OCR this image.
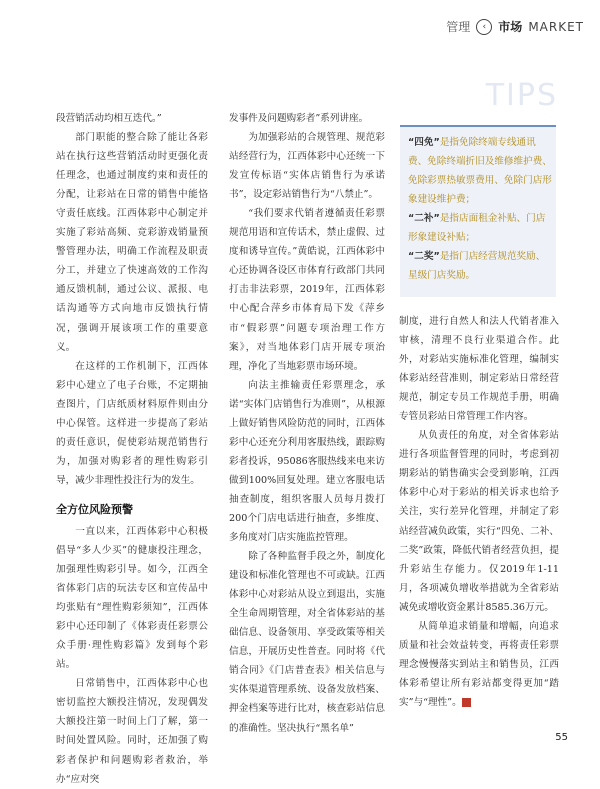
管理	‹	市场 MARKET
TIPS

段营销活动均相互迭代。”

部门职能的整合除了能让各彩站在执行这些营销活动时更强化责任理念，也通过制度约束和责任的分配，让彩站在日常的销售中能恪守责任底线。江西体彩中心制定并实施了彩站高频、竞彩游戏销量预警管理办法，明确工作流程及职责分工，并建立了快速高效的工作沟通反馈机制，通过公议、派报、电话沟通等方式向地市反馈执行情况，强调开展该项工作的重要意义。

在这样的工作机制下，江西体彩中心建立了电子台账，不定期抽查图片，门店纸质材料原件则由分中心保管。这样进一步提高了彩站的责任意识，促使彩站规范销售行为，加强对购彩者的理性购彩引导，减少非理性投注行为的发生。

全方位风险预警

一直以来，江西体彩中心积极倡导“多人少买”的健康投注理念，加强理性购彩引导。如今，江西全省体彩门店的玩法专区和宣传品中均张贴有“理性购彩须知”，江西体彩中心还印制了《体彩责任彩票公众手册·理性购彩篇》发到每个彩站。

日常销售中，江西体彩中心也密切监控大额投注情况，发现偶发大额投注第一时间上门了解，第一时间处置风险。同时，还加强了购彩者保护和问题购彩者救治，举办“应对突

发事件及问题购彩者”系列讲座。

为加强彩站的合规管理、规范彩站经营行为，江西体彩中心还统一下发宣传标语“实体店销售行为承诺书”，设定彩站销售行为“八禁止”。

“我们要求代销者遵循责任彩票规范用语和宣传话术，禁止虚假、过度和诱导宣传。”黄皓说，江西体彩中心还协调各设区市体育行政部门共同打击非法彩票，2019年，江西体彩中心配合萍乡市体育局下发《萍乡市“假彩票”问题专项治理工作方案》，对当地体彩门店开展专项治理，净化了当地彩票市场环境。

向法主推输责任彩票理念，承诺“实体门店销售行为准则”，从根源上做好销售风险防范的同时，江西体彩中心还充分利用客服热线，跟踪购彩者投诉，95086客服热线来电来访做到100%回复处理。建立客服电话抽查制度，组织客服人员每月拨打200个门店电话进行抽查，多维度、多角度对门店实施监控管理。

除了各种监督手段之外，制度化建设和标准化管理也不可或缺。江西体彩中心对彩站从设立到退出，实施全生命周期管理，对全省体彩站的基础信息、设备领用、享受政策等相关信息，开展历史性普查。同时将《代销合同》《门店普查表》相关信息与实体渠道管理系统、设备发放档案、押金档案等进行比对，核查彩站信息的准确性。坚决执行“黑名单”

“四免”是指免除终端专线通讯费、免除终端折旧及维修维护费、免除彩票热敏票费用、免除门店形象建设维护费；
“二补”是指店面租金补贴、门店形象建设补贴；
“二奖”是指门店经营规范奖励、星级门店奖励。

制度，进行自然人和法人代销者准入审核，清理不良行业渠道合作。此外，对彩站实施标准化管理，编制实体彩站经营准则，制定彩站日常经营规范，制定专员工作规范手册，明确专管员彩站日常管理工作内容。

从负责任的角度，对全省体彩站进行各项监督管理的同时，考虑到初期彩站的销售确实会受到影响，江西体彩中心对于彩站的相关诉求也给予关注，实行差异化管理，并制定了彩站经营减负政策，实行“四免、二补、二奖”政策，降低代销者经营负担，提升彩站生存能力。仅2019年1-11月，各项减负增收举措就为全省彩站减免或增收资金累计8585.36万元。

从简单追求销量和增幅，向追求质量和社会效益转变，再将责任彩票理念慢慢落实到站主和销售员，江西体彩希望让所有彩站都变得更加“踏实”与“理性”。	■

55
